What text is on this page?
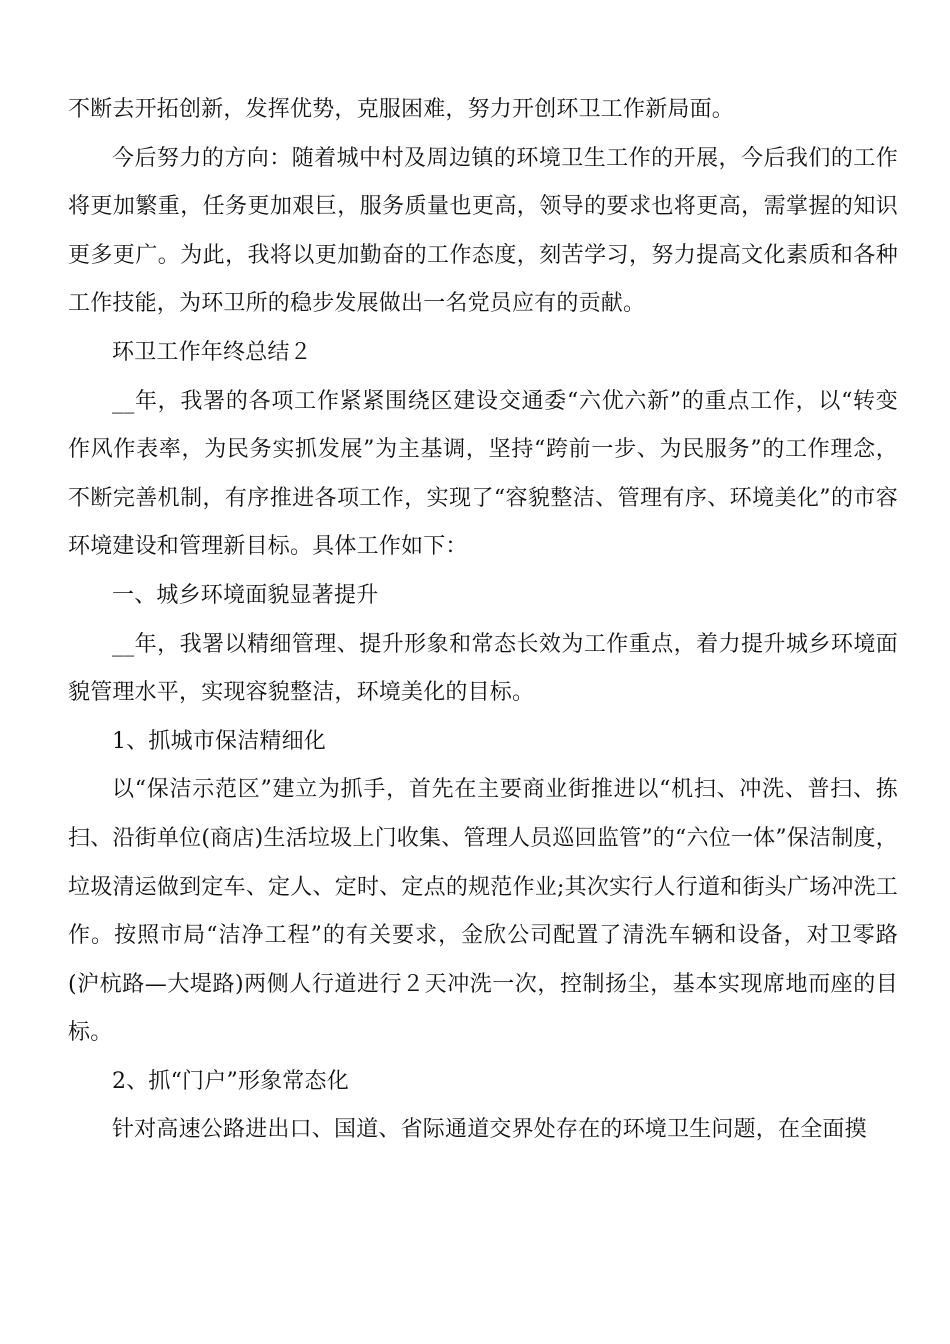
不断去开拓创新，发挥优势，克服困难，努力开创环卫工作新局面。

今后努力的方向：随着城中村及周边镇的环境卫生工作的开展，今后我们的工作将更加繁重，任务更加艰巨，服务质量也更高，领导的要求也将更高，需掌握的知识更多更广。为此，我将以更加勤奋的工作态度，刻苦学习，努力提高文化素质和各种工作技能，为环卫所的稳步发展做出一名党员应有的贡献。

环卫工作年终总结２

__年，我署的各项工作紧紧围绕区建设交通委“六优六新”的重点工作，以“转变作风作表率，为民务实抓发展”为主基调，坚持“跨前一步、为民服务”的工作理念，不断完善机制，有序推进各项工作，实现了“容貌整洁、管理有序、环境美化”的市容环境建设和管理新目标。具体工作如下：

一、城乡环境面貌显著提升

__年，我署以精细管理、提升形象和常态长效为工作重点，着力提升城乡环境面貌管理水平，实现容貌整洁，环境美化的目标。

1、抓城市保洁精细化

以“保洁示范区”建立为抓手，首先在主要商业街推进以“机扫、冲洗、普扫、拣扫、沿街单位(商店)生活垃圾上门收集、管理人员巡回监管”的“六位一体”保洁制度，垃圾清运做到定车、定人、定时、定点的规范作业;其次实行人行道和街头广场冲洗工作。按照市局“洁净工程”的有关要求，金欣公司配置了清洗车辆和设备，对卫零路(沪杭路—大堤路)两侧人行道进行２天冲洗一次，控制扬尘，基本实现席地而座的目标。

2、抓“门户”形象常态化

针对高速公路进出口、国道、省际通道交界处存在的环境卫生问题，在全面摸
